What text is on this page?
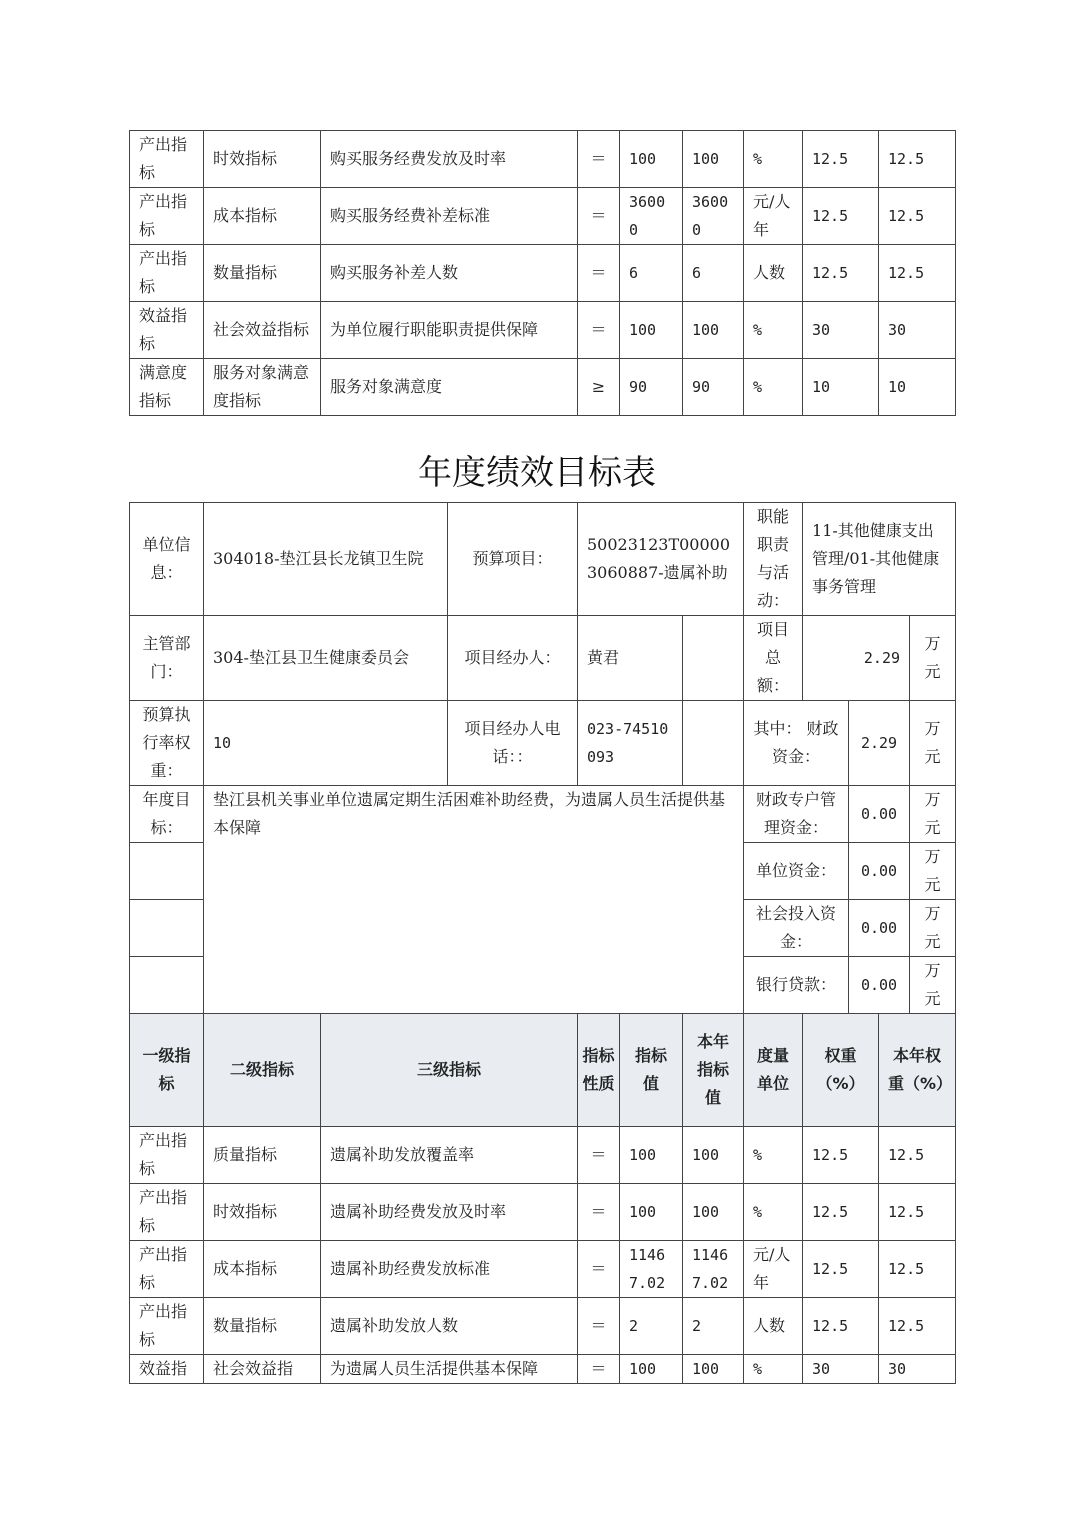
产出指标	时效指标	购买服务经费发放及时率	＝	100	100	%	12.5	12.5
产出指标	成本指标	购买服务经费补差标准	＝	36000	36000	元/人年	12.5	12.5
产出指标	数量指标	购买服务补差人数	＝	6	6	人数	12.5	12.5
效益指标	社会效益指标	为单位履行职能职责提供保障	＝	100	100	%	30	30
满意度指标	服务对象满意度指标	服务对象满意度	≥	90	90	%	10	10
年度绩效目标表
单位信息：	304018-垫江县长龙镇卫生院		预算项目：	50023123T000003060887-遗属补助			职能职责与活动：	11-其他健康支出管理/01-其他健康事务管理			
主管部门：	304-垫江县卫生健康委员会		项目经办人：	黄君			项目总额：	2.29			万元
预算执行率权重：	10		项目经办人电话：：	023-74510093			其中： 财政资金：		2.29		万元
年度目标：	垫江县机关事业单位遗属定期生活困难补助经费，为遗属人员生活提供基本保障						财政专户管理资金：		0.00		万元
							单位资金：		0.00		万元
							社会投入资金：		0.00		万元
							银行贷款：		0.00		万元
一级指标	二级指标	三级指标		指标性质	指标值	本年指标值	度量单位	权重（%）		本年权重（%）	
产出指标	质量指标	遗属补助发放覆盖率		＝	100	100	%	12.5		12.5	
产出指标	时效指标	遗属补助经费发放及时率		＝	100	100	%	12.5		12.5	
产出指标	成本指标	遗属补助经费发放标准		＝	11467.02	11467.02	元/人年	12.5		12.5	
产出指标	数量指标	遗属补助发放人数		＝	2	2	人数	12.5		12.5	
效益指	社会效益指	为遗属人员生活提供基本保障		＝	100	100	%	30		30	
